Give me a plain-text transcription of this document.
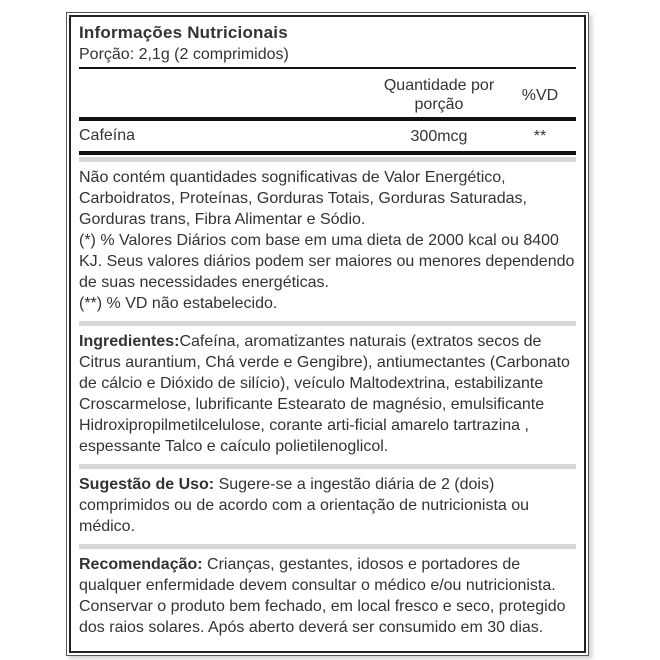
Informações Nutricionais
Porção: 2,1g (2 comprimidos)
Quantidade por porção
%VD
Cafeína	300mcg	**
Não contém quantidades sognificativas de Valor Energético, Carboidratos, Proteínas, Gorduras Totais, Gorduras Saturadas, Gorduras trans, Fibra Alimentar e Sódio.
(*) % Valores Diários com base em uma dieta de 2000 kcal ou 8400 KJ. Seus valores diários podem ser maiores ou menores dependendo de suas necessidades energéticas.
(**) % VD não estabelecido.
Ingredientes:Cafeína, aromatizantes naturais (extratos secos de Citrus aurantium, Chá verde e Gengibre), antiumectantes (Carbonato de cálcio e Dióxido de silício), veículo Maltodextrina, estabilizante Croscarmelose, lubrificante Estearato de magnésio, emulsificante Hidroxipropilmetilcelulose, corante arti-ficial amarelo tartrazina , espessante Talco e caículo polietilenoglicol.
Sugestão de Uso: Sugere-se a ingestão diária de 2 (dois) comprimidos ou de acordo com a orientação de nutricionista ou médico.
Recomendação: Crianças, gestantes, idosos e portadores de qualquer enfermidade devem consultar o médico e/ou nutricionista. Conservar o produto bem fechado, em local fresco e seco, protegido dos raios solares. Após aberto deverá ser consumido em 30 dias.
